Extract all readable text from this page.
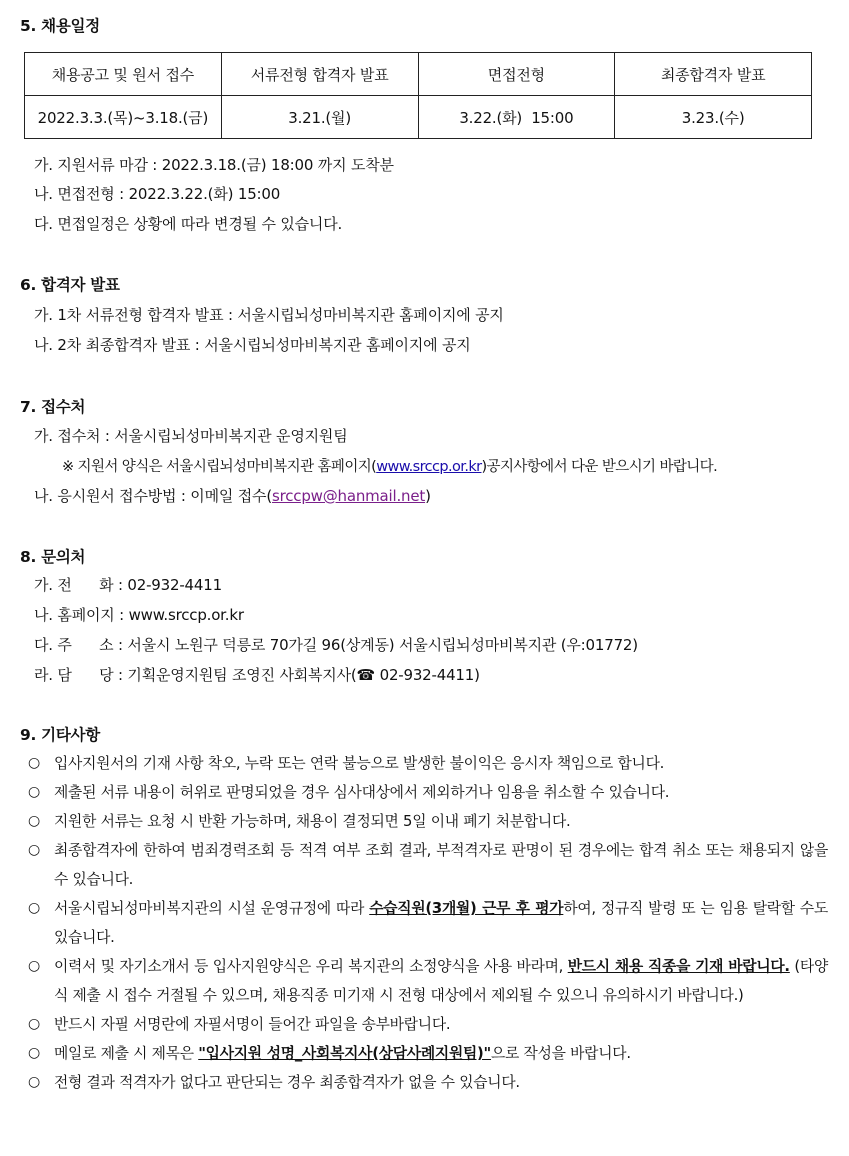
5. 채용일정
채용공고 및 원서 접수	서류전형 합격자 발표	면접전형	최종합격자 발표
2022.3.3.(목)~3.18.(금)	3.21.(월)	3.22.(화)  15:00	3.23.(수)
가. 지원서류 마감 : 2022.3.18.(금) 18:00 까지 도착분
나. 면접전형 : 2022.3.22.(화) 15:00
다. 면접일정은 상황에 따라 변경될 수 있습니다.
6. 합격자 발표
가. 1차 서류전형 합격자 발표 : 서울시립뇌성마비복지관 홈페이지에 공지
나. 2차 최종합격자 발표 : 서울시립뇌성마비복지관 홈페이지에 공지
7. 접수처
가. 접수처 : 서울시립뇌성마비복지관 운영지원팀
※ 지원서 양식은 서울시립뇌성마비복지관 홈페이지(www.srccp.or.kr)공지사항에서 다운 받으시기 바랍니다.
나. 응시원서 접수방법 : 이메일 접수(srccpw@hanmail.net)
8. 문의처
가. 전      화 : 02-932-4411
나. 홈페이지 : www.srccp.or.kr
다. 주      소 : 서울시 노원구 덕릉로 70가길 96(상계동) 서울시립뇌성마비복지관 (우:01772)
라. 담      당 : 기획운영지원팀 조영진 사회복지사(☎ 02-932-4411)
9. 기타사항
○ 입사지원서의 기재 사항 착오, 누락 또는 연락 불능으로 발생한 불이익은 응시자 책임으로 합니다.
○ 제출된 서류 내용이 허위로 판명되었을 경우 심사대상에서 제외하거나 임용을 취소할 수 있습니다.
○ 지원한 서류는 요청 시 반환 가능하며, 채용이 결정되면 5일 이내 폐기 처분합니다.
○ 최종합격자에 한하여 범죄경력조회 등 적격 여부 조회 결과, 부적격자로 판명이 된 경우에는 합격 취소 또는 채용되지 않을 수 있습니다.
○ 서울시립뇌성마비복지관의 시설 운영규정에 따라 수습직원(3개월) 근무 후 평가하여, 정규직 발령 또 는 임용 탈락할 수도 있습니다.
○ 이력서 및 자기소개서 등 입사지원양식은 우리 복지관의 소정양식을 사용 바라며, 반드시 채용 직종을 기재 바랍니다. (타양식 제출 시 접수 거절될 수 있으며, 채용직종 미기재 시 전형 대상에서 제외될 수 있으니 유의하시기 바랍니다.)
○ 반드시 자필 서명란에 자필서명이 들어간 파일을 송부바랍니다.
○ 메일로 제출 시 제목은 "입사지원 성명_사회복지사(상담사례지원팀)"으로 작성을 바랍니다.
○ 전형 결과 적격자가 없다고 판단되는 경우 최종합격자가 없을 수 있습니다.
